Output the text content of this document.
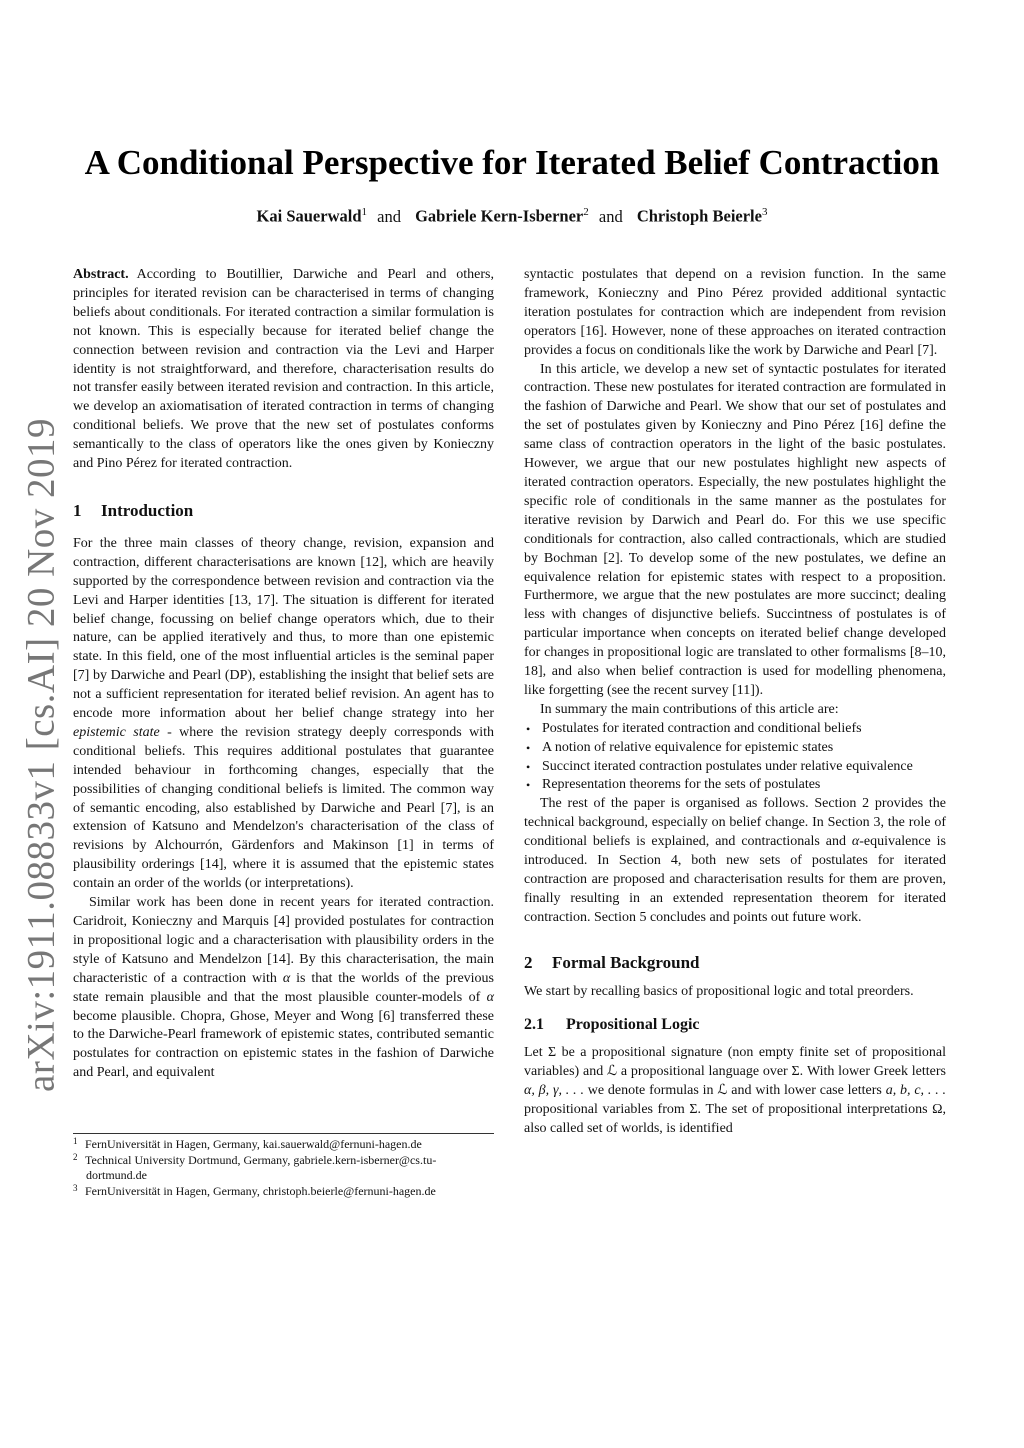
arXiv:1911.08833v1 [cs.AI] 20 Nov 2019
A Conditional Perspective for Iterated Belief Contraction
Kai Sauerwald$^1$ and Gabriele Kern-Isberner$^2$ and Christoph Beierle$^3$

Abstract. According to Boutillier, Darwiche and Pearl and others, principles for iterated revision can be characterised in terms of changing beliefs about conditionals. For iterated contraction a similar formulation is not known. This is especially because for iterated belief change the connection between revision and contraction via the Levi and Harper identity is not straightforward, and therefore, characterisation results do not transfer easily between iterated revision and contraction. In this article, we develop an axiomatisation of iterated contraction in terms of changing conditional beliefs. We prove that the new set of postulates conforms semantically to the class of operators like the ones given by Konieczny and Pino Pérez for iterated contraction.

1 Introduction

For the three main classes of theory change, revision, expansion and contraction, different characterisations are known [12], which are heavily supported by the correspondence between revision and contraction via the Levi and Harper identities [13, 17]. The situation is different for iterated belief change, focussing on belief change operators which, due to their nature, can be applied iteratively and thus, to more than one epistemic state. In this field, one of the most influential articles is the seminal paper [7] by Darwiche and Pearl (DP), establishing the insight that belief sets are not a sufficient representation for iterated belief revision. An agent has to encode more information about her belief change strategy into her epistemic state - where the revision strategy deeply corresponds with conditional beliefs. This requires additional postulates that guarantee intended behaviour in forthcoming changes, especially that the possibilities of changing conditional beliefs is limited. The common way of semantic encoding, also established by Darwiche and Pearl [7], is an extension of Katsuno and Mendelzon's characterisation of the class of revisions by Alchourrón, Gärdenfors and Makinson [1] in terms of plausibility orderings [14], where it is assumed that the epistemic states contain an order of the worlds (or interpretations).

Similar work has been done in recent years for iterated contraction. Caridroit, Konieczny and Marquis [4] provided postulates for contraction in propositional logic and a characterisation with plausibility orders in the style of Katsuno and Mendelzon [14]. By this characterisation, the main characteristic of a contraction with α is that the worlds of the previous state remain plausible and that the most plausible counter-models of α become plausible. Chopra, Ghose, Meyer and Wong [6] transferred these to the Darwiche-Pearl framework of epistemic states, contributed semantic postulates for contraction on epistemic states in the fashion of Darwiche and Pearl, and equivalent

1 FernUniversität in Hagen, Germany, kai.sauerwald@fernuni-hagen.de
2 Technical University Dortmund, Germany, gabriele.kern-isberner@cs.tu-
dortmund.de
3 FernUniversität in Hagen, Germany, christoph.beierle@fernuni-hagen.de

syntactic postulates that depend on a revision function. In the same framework, Konieczny and Pino Pérez provided additional syntactic iteration postulates for contraction which are independent from revision operators [16]. However, none of these approaches on iterated contraction provides a focus on conditionals like the work by Darwiche and Pearl [7].

In this article, we develop a new set of syntactic postulates for iterated contraction. These new postulates for iterated contraction are formulated in the fashion of Darwiche and Pearl. We show that our set of postulates and the set of postulates given by Konieczny and Pino Pérez [16] define the same class of contraction operators in the light of the basic postulates. However, we argue that our new postulates highlight new aspects of iterated contraction operators. Especially, the new postulates highlight the specific role of conditionals in the same manner as the postulates for iterative revision by Darwich and Pearl do. For this we use specific conditionals for contraction, also called contractionals, which are studied by Bochman [2]. To develop some of the new postulates, we define an equivalence relation for epistemic states with respect to a proposition. Furthermore, we argue that the new postulates are more succinct; dealing less with changes of disjunctive beliefs. Succintness of postulates is of particular importance when concepts on iterated belief change developed for changes in propositional logic are translated to other formalisms [8–10, 18], and also when belief contraction is used for modelling phenomena, like forgetting (see the recent survey [11]).

In summary the main contributions of this article are:

• Postulates for iterated contraction and conditional beliefs
• A notion of relative equivalence for epistemic states
• Succinct iterated contraction postulates under relative equivalence
• Representation theorems for the sets of postulates

The rest of the paper is organised as follows. Section 2 provides the technical background, especially on belief change. In Section 3, the role of conditional beliefs is explained, and contractionals and α-equivalence is introduced. In Section 4, both new sets of postulates for iterated contraction are proposed and characterisation results for them are proven, finally resulting in an extended representation theorem for iterated contraction. Section 5 concludes and points out future work.

2 Formal Background

We start by recalling basics of propositional logic and total preorders.

2.1 Propositional Logic

Let Σ be a propositional signature (non empty finite set of propositional variables) and ℒ a propositional language over Σ. With lower Greek letters α, β, γ, . . . we denote formulas in ℒ and with lower case letters a, b, c, . . . propositional variables from Σ. The set of propositional interpretations Ω, also called set of worlds, is identified
